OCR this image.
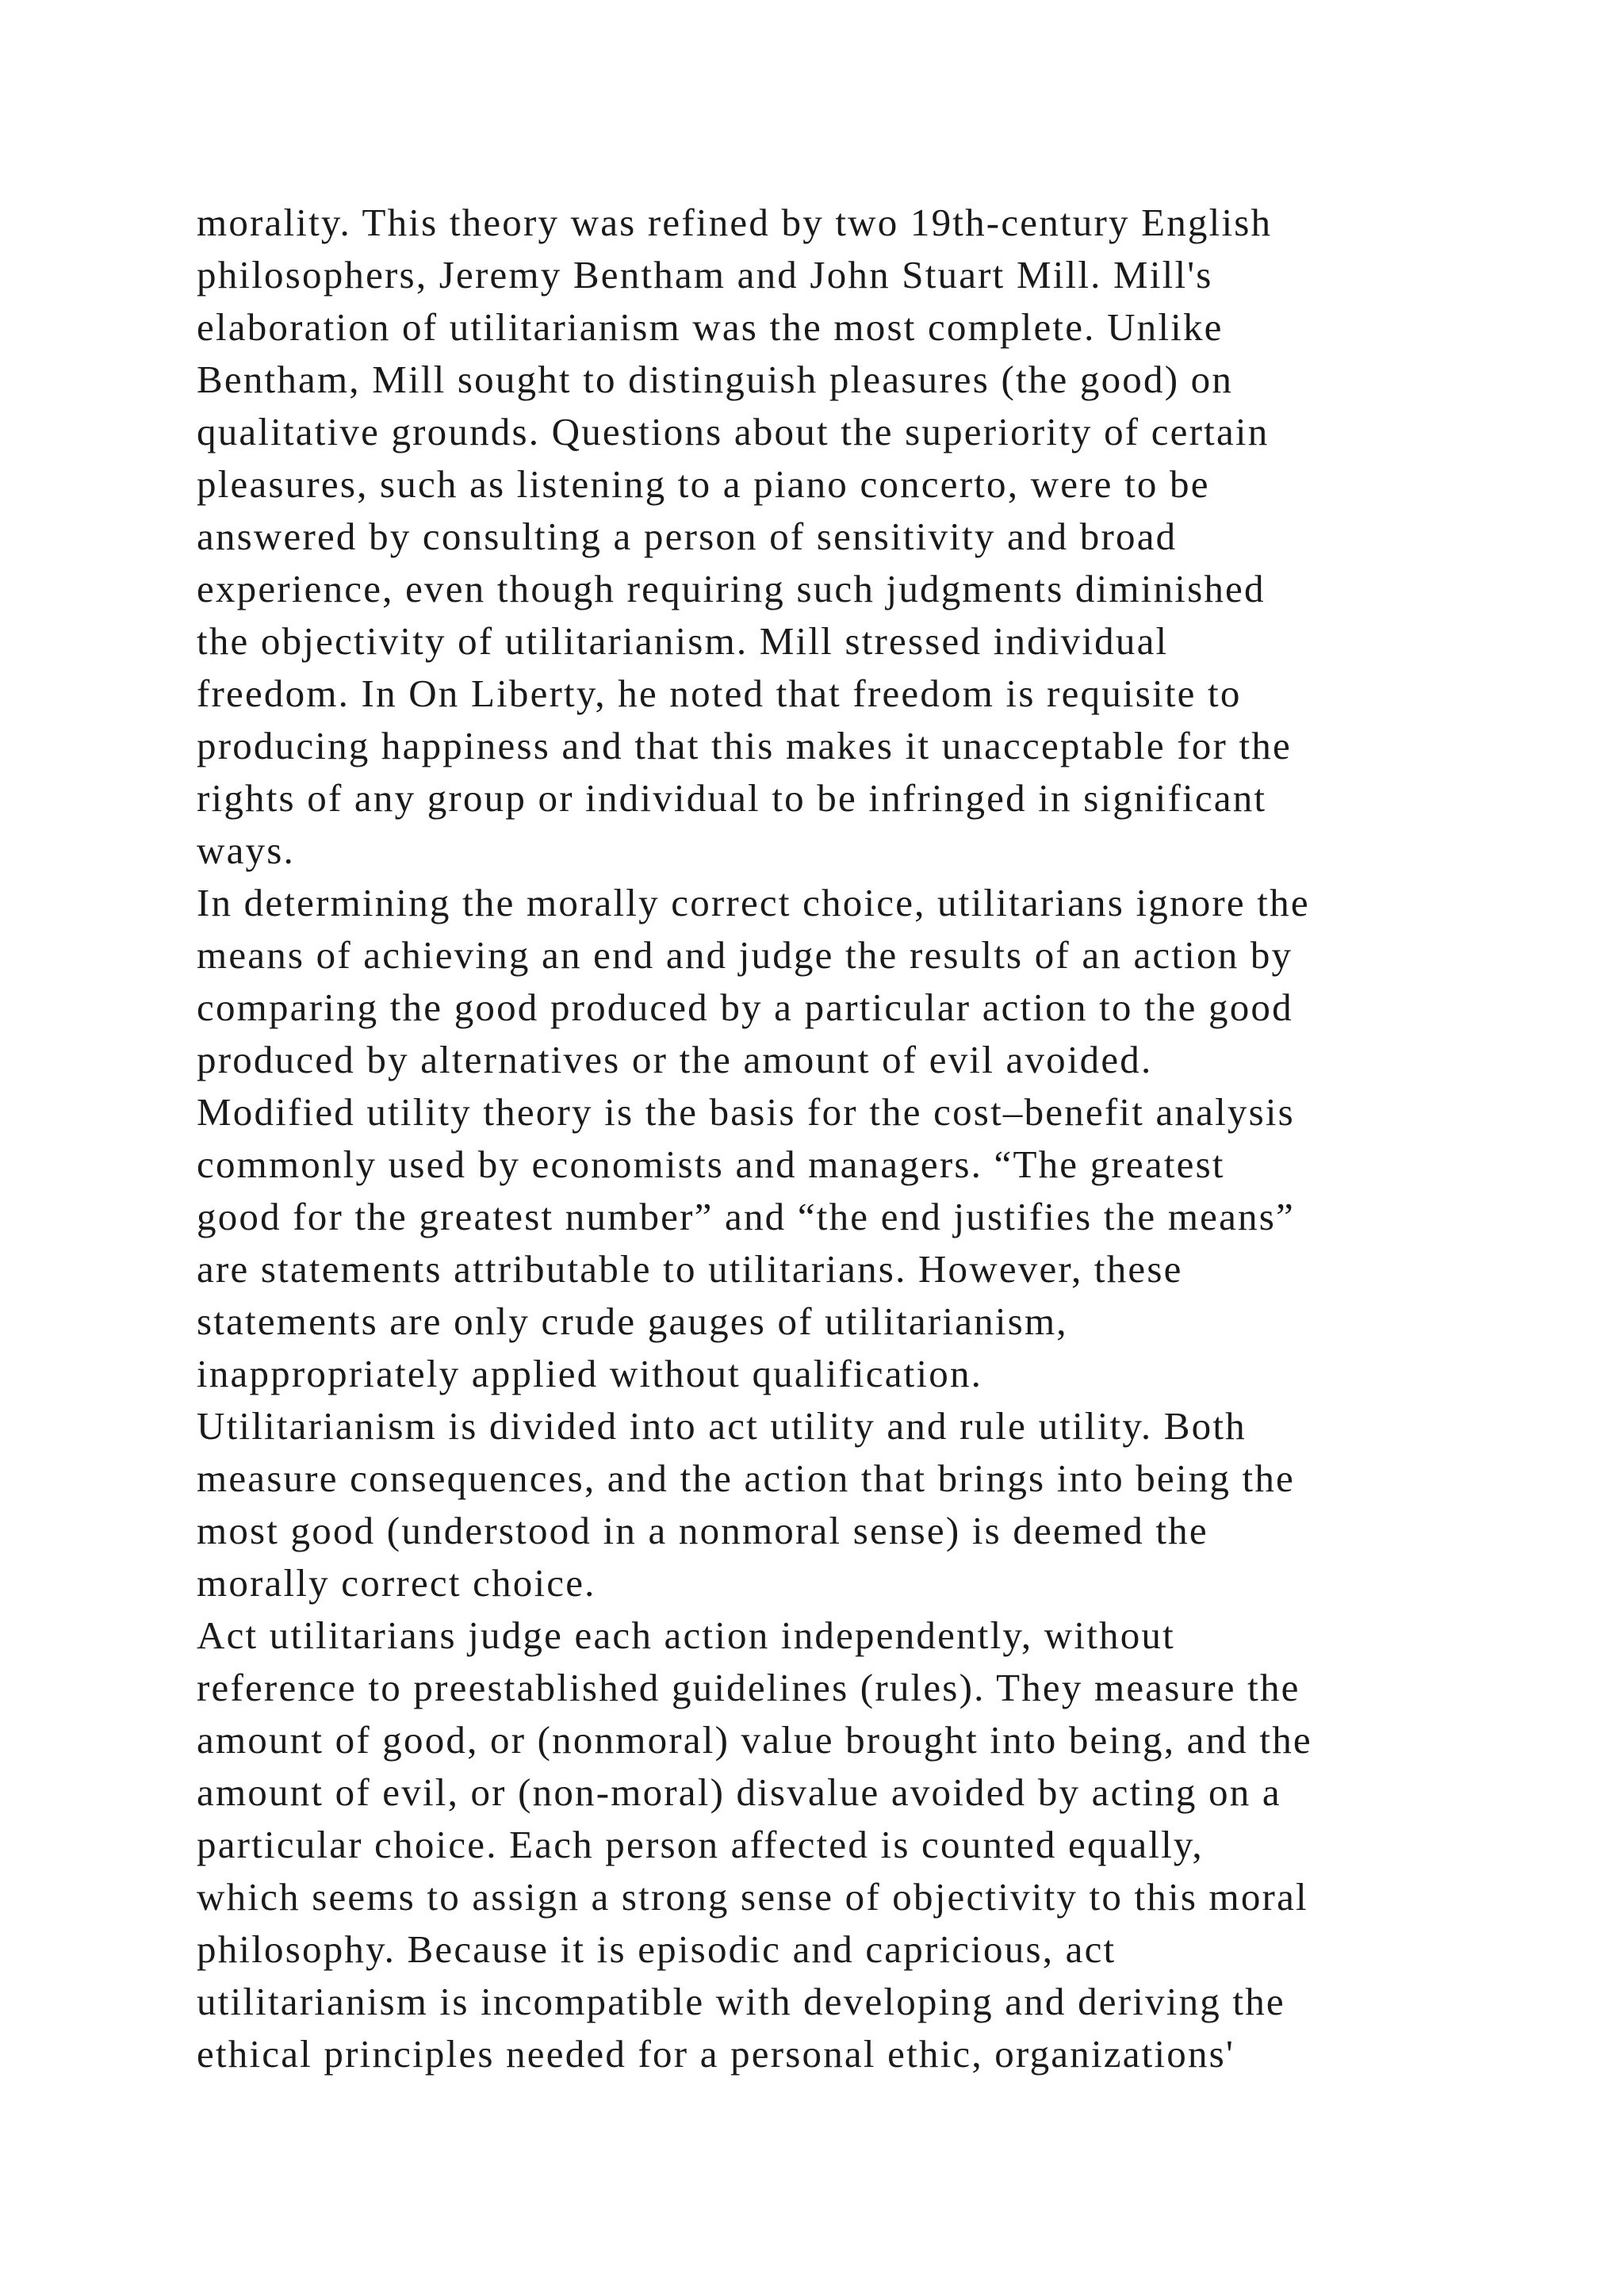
morality. This theory was refined by two 19th-century English
philosophers, Jeremy Bentham and John Stuart Mill. Mill's
elaboration of utilitarianism was the most complete. Unlike
Bentham, Mill sought to distinguish pleasures (the good) on
qualitative grounds. Questions about the superiority of certain
pleasures, such as listening to a piano concerto, were to be
answered by consulting a person of sensitivity and broad
experience, even though requiring such judgments diminished
the objectivity of utilitarianism. Mill stressed individual
freedom. In On Liberty, he noted that freedom is requisite to
producing happiness and that this makes it unacceptable for the
rights of any group or individual to be infringed in significant
ways.
In determining the morally correct choice, utilitarians ignore the
means of achieving an end and judge the results of an action by
comparing the good produced by a particular action to the good
produced by alternatives or the amount of evil avoided.
Modified utility theory is the basis for the cost–benefit analysis
commonly used by economists and managers. “The greatest
good for the greatest number” and “the end justifies the means”
are statements attributable to utilitarians. However, these
statements are only crude gauges of utilitarianism,
inappropriately applied without qualification.
Utilitarianism is divided into act utility and rule utility. Both
measure consequences, and the action that brings into being the
most good (understood in a nonmoral sense) is deemed the
morally correct choice.
Act utilitarians judge each action independently, without
reference to preestablished guidelines (rules). They measure the
amount of good, or (nonmoral) value brought into being, and the
amount of evil, or (non-moral) disvalue avoided by acting on a
particular choice. Each person affected is counted equally,
which seems to assign a strong sense of objectivity to this moral
philosophy. Because it is episodic and capricious, act
utilitarianism is incompatible with developing and deriving the
ethical principles needed for a personal ethic, organizations'
